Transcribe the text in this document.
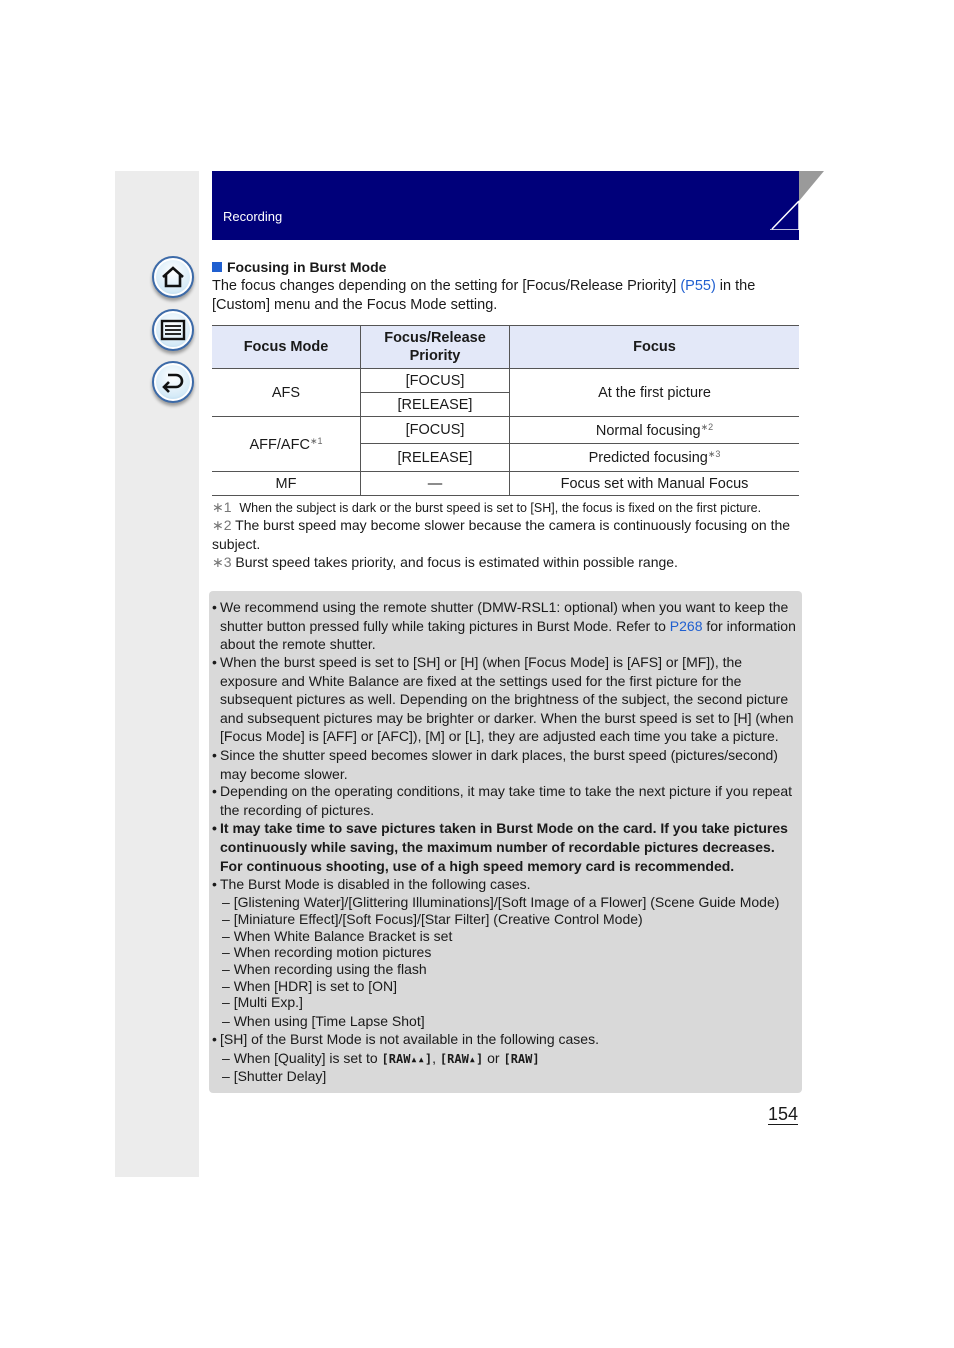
Recording
Focusing in Burst Mode
The focus changes depending on the setting for [Focus/Release Priority] (P55) in the [Custom] menu and the Focus Mode setting.
Focus Mode	Focus/Release Priority	Focus
AFS	[FOCUS]	At the first picture
	[RELEASE]	
AFF/$AFC^{∗1}$	[FOCUS]	Normal focusing$^{∗2}$
	[RELEASE]	Predicted focusing$^{∗3}$
MF	—	Focus set with Manual Focus
∗1 When the subject is dark or the burst speed is set to [SH], the focus is fixed on the first picture.
∗2 The burst speed may become slower because the camera is continuously focusing on the subject.
∗3 Burst speed takes priority, and focus is estimated within possible range.
• We recommend using the remote shutter (DMW-RSL1: optional) when you want to keep the shutter button pressed fully while taking pictures in Burst Mode. Refer to P268 for information about the remote shutter.
• When the burst speed is set to [SH] or [H] (when [Focus Mode] is [AFS] or [MF]), the exposure and White Balance are fixed at the settings used for the first picture for the subsequent pictures as well. Depending on the brightness of the subject, the second picture and subsequent pictures may be brighter or darker. When the burst speed is set to [H] (when [Focus Mode] is [AFF] or [AFC]), [M] or [L], they are adjusted each time you take a picture.
• Since the shutter speed becomes slower in dark places, the burst speed (pictures/second) may become slower.
• Depending on the operating conditions, it may take time to take the next picture if you repeat the recording of pictures.
• It may take time to save pictures taken in Burst Mode on the card. If you take pictures continuously while saving, the maximum number of recordable pictures decreases. For continuous shooting, use of a high speed memory card is recommended.
• The Burst Mode is disabled in the following cases.
– [Glistening Water]/[Glittering Illuminations]/[Soft Image of a Flower] (Scene Guide Mode)
– [Miniature Effect]/[Soft Focus]/[Star Filter] (Creative Control Mode)
– When White Balance Bracket is set
– When recording motion pictures
– When recording using the flash
– When [HDR] is set to [ON]
– [Multi Exp.]
– When using [Time Lapse Shot]
• [SH] of the Burst Mode is not available in the following cases.
– When [Quality] is set to [RAW▴▴], [RAW▴] or [RAW]
– [Shutter Delay]
154
